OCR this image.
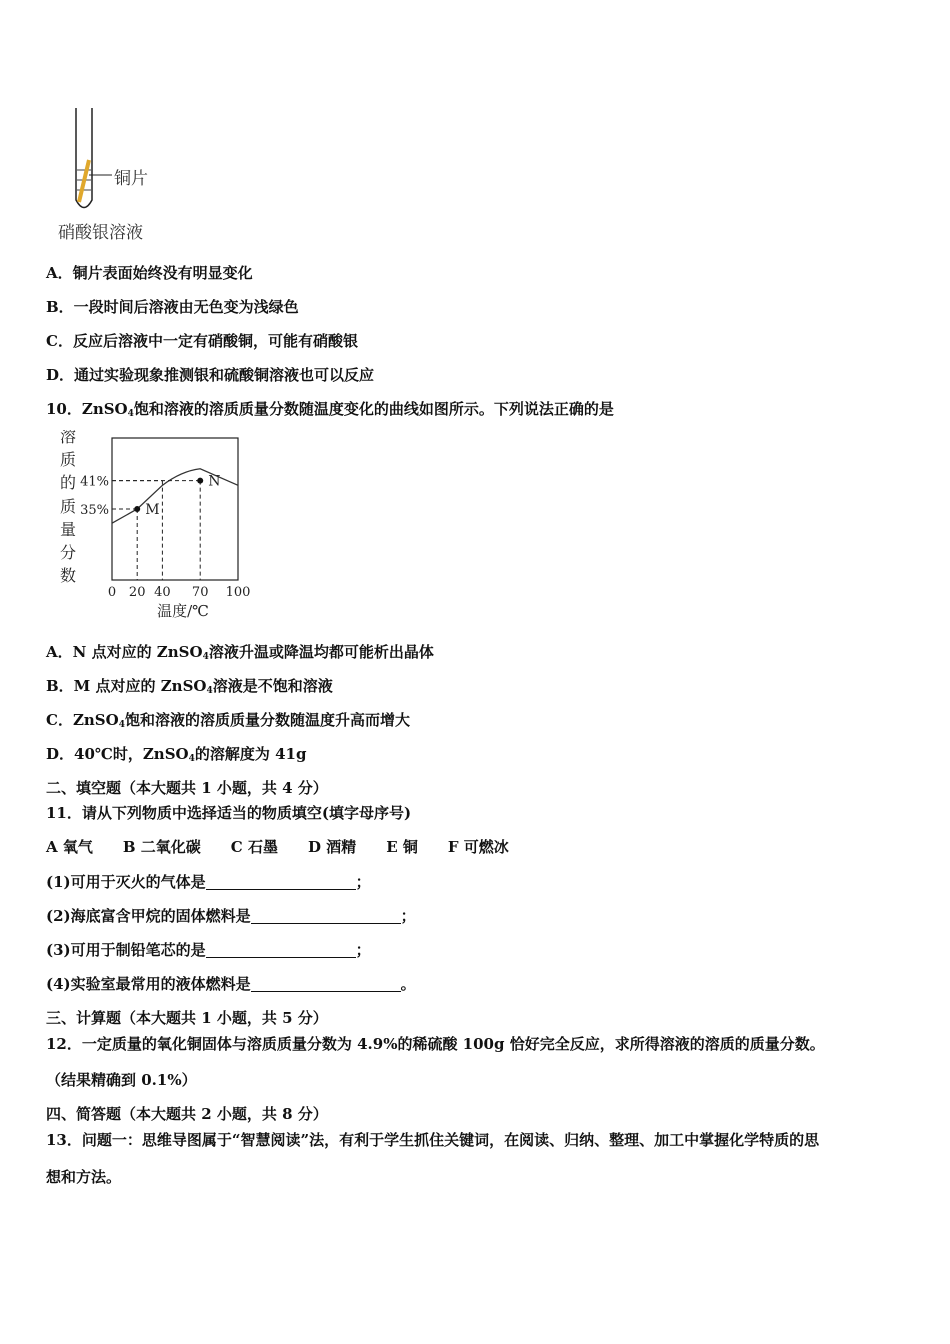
铜片
硝酸银溶液
A．铜片表面始终没有明显变化
B．一段时间后溶液由无色变为浅绿色
C．反应后溶液中一定有硝酸铜，可能有硝酸银
D．通过实验现象推测银和硫酸铜溶液也可以反应
10．ZnSO$_4$饱和溶液的溶质质量分数随温度变化的曲线如图所示。下列说法正确的是
溶
质
的
质
量
分
数
M
N
35%
41%
0 20 40 70 100
温度/℃
A．N 点对应的 ZnSO$_4$溶液升温或降温均都可能析出晶体
B．M 点对应的 ZnSO$_4$溶液是不饱和溶液
C．ZnSO$_4$饱和溶液的溶质质量分数随温度升高而增大
D．40℃时，ZnSO$_4$的溶解度为 41g
二、填空题（本大题共 1 小题，共 4 分）
11．请从下列物质中选择适当的物质填空(填字母序号)
A 氧气 B 二氧化碳 C 石墨 D 酒精 E 铜 F 可燃冰
(1)可用于灭火的气体是	；
(2)海底富含甲烷的固体燃料是	；
(3)可用于制铅笔芯的是	；
(4)实验室最常用的液体燃料是	。
三、计算题（本大题共 1 小题，共 5 分）
12．一定质量的氧化铜固体与溶质质量分数为 4.9%的稀硫酸 100g 恰好完全反应，求所得溶液的溶质的质量分数。
（结果精确到 0.1%）
四、简答题（本大题共 2 小题，共 8 分）
13．问题一：思维导图属于“智慧阅读”法，有利于学生抓住关键词，在阅读、归纳、整理、加工中掌握化学特质的思
想和方法。
